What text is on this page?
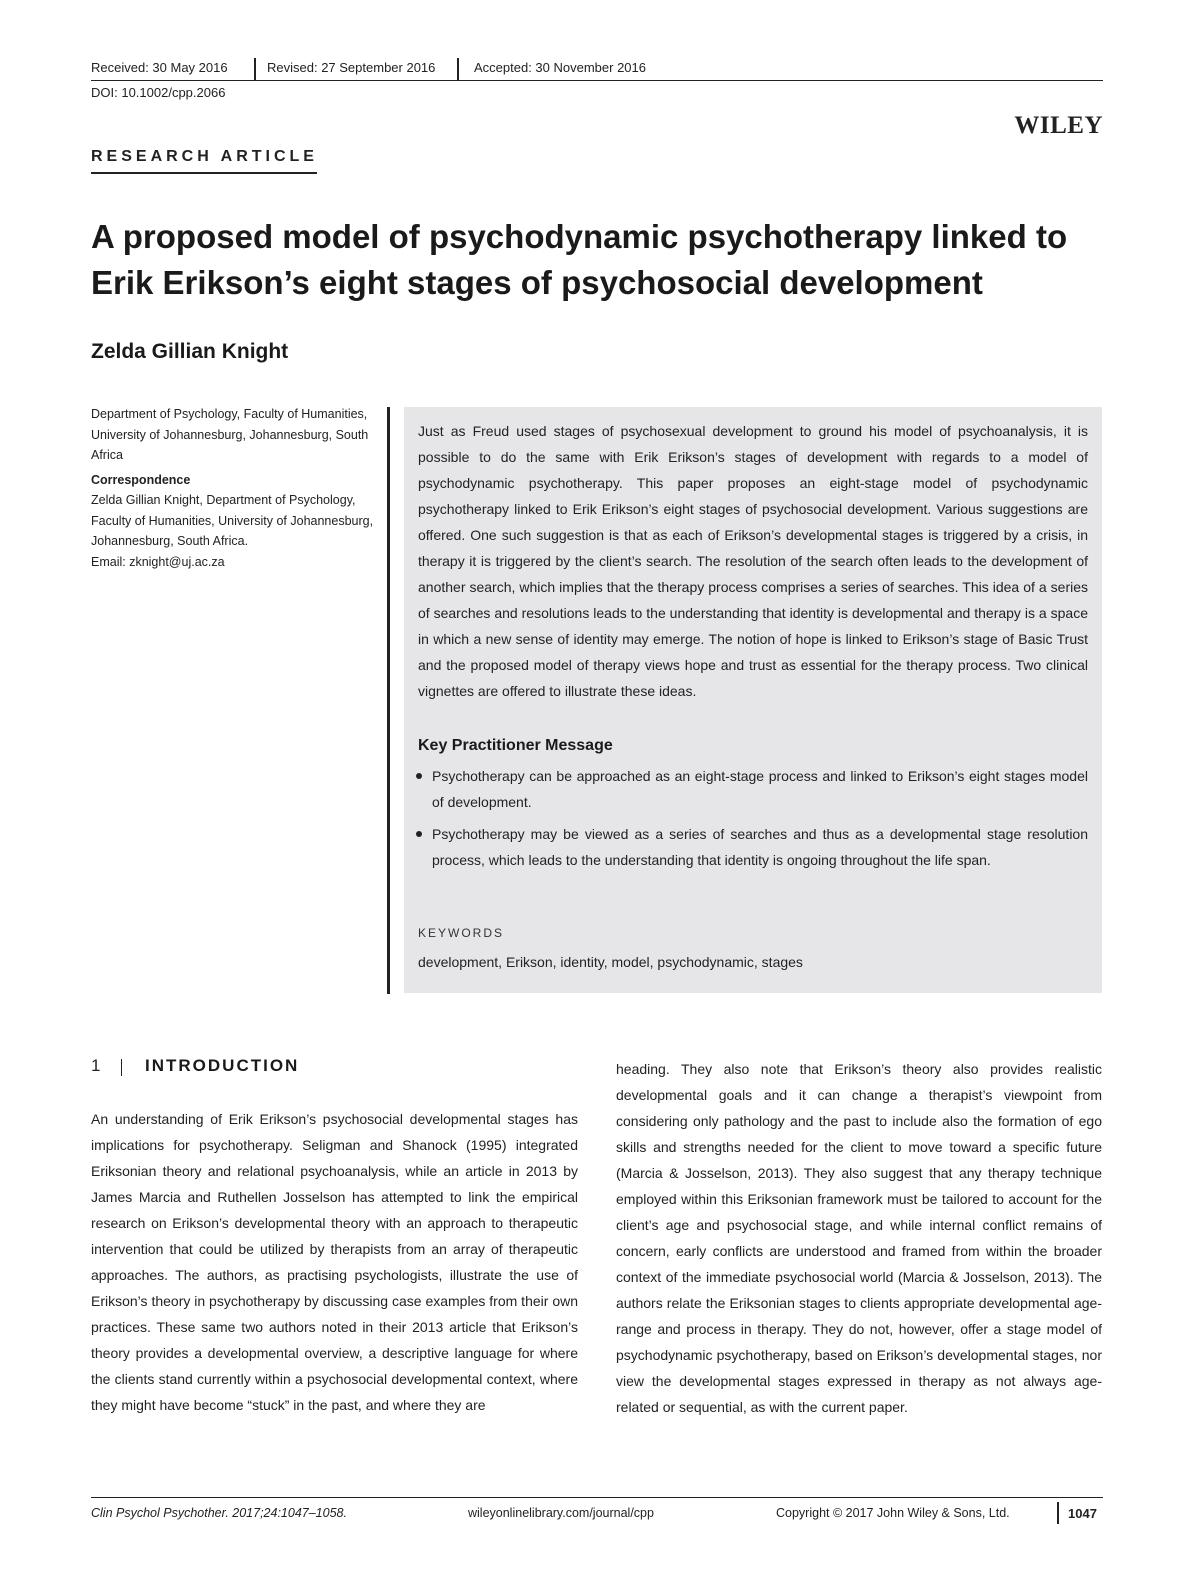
Received: 30 May 2016	Revised: 27 September 2016	Accepted: 30 November 2016
DOI: 10.1002/cpp.2066
WILEY
RESEARCH ARTICLE
A proposed model of psychodynamic psychotherapy linked to Erik Erikson’s eight stages of psychosocial development
Zelda Gillian Knight

Department of Psychology, Faculty of Humanities, University of Johannesburg, Johannesburg, South Africa

Correspondence

Zelda Gillian Knight, Department of Psychology, Faculty of Humanities, University of Johannesburg, Johannesburg, South Africa.

Email: zknight@uj.ac.za

Just as Freud used stages of psychosexual development to ground his model of psychoanalysis, it is possible to do the same with Erik Erikson’s stages of development with regards to a model of psychodynamic psychotherapy. This paper proposes an eight‐stage model of psychodynamic psychotherapy linked to Erik Erikson’s eight stages of psychosocial development. Various suggestions are offered. One such suggestion is that as each of Erikson’s developmental stages is triggered by a crisis, in therapy it is triggered by the client’s search. The resolution of the search often leads to the development of another search, which implies that the therapy process comprises a series of searches. This idea of a series of searches and resolutions leads to the understanding that identity is developmental and therapy is a space in which a new sense of identity may emerge. The notion of hope is linked to Erikson’s stage of Basic Trust and the proposed model of therapy views hope and trust as essential for the therapy process. Two clinical vignettes are offered to illustrate these ideas.
Key Practitioner Message
Psychotherapy can be approached as an eight‐stage process and linked to Erikson’s eight stages model of development.
Psychotherapy may be viewed as a series of searches and thus as a developmental stage resolution process, which leads to the understanding that identity is ongoing throughout the life span.
KEYWORDS
development, Erikson, identity, model, psychodynamic, stages
1	INTRODUCTION
An understanding of Erik Erikson’s psychosocial developmental stages has implications for psychotherapy. Seligman and Shanock (1995) integrated Eriksonian theory and relational psychoanalysis, while an article in 2013 by James Marcia and Ruthellen Josselson has attempted to link the empirical research on Erikson’s developmental theory with an approach to therapeutic intervention that could be utilized by therapists from an array of therapeutic approaches. The authors, as practising psychologists, illustrate the use of Erikson’s theory in psychotherapy by discussing case examples from their own practices. These same two authors noted in their 2013 article that Erikson’s theory provides a developmental overview, a descriptive language for where the clients stand currently within a psychosocial developmental context, where they might have become “stuck” in the past, and where they are
heading. They also note that Erikson’s theory also provides realistic developmental goals and it can change a therapist’s viewpoint from considering only pathology and the past to include also the formation of ego skills and strengths needed for the client to move toward a specific future (Marcia & Josselson, 2013). They also suggest that any therapy technique employed within this Eriksonian framework must be tailored to account for the client’s age and psychosocial stage, and while internal conflict remains of concern, early conflicts are understood and framed from within the broader context of the immediate psychosocial world (Marcia & Josselson, 2013). The authors relate the Eriksonian stages to clients appropriate developmental age‐range and process in therapy. They do not, however, offer a stage model of psychodynamic psychotherapy, based on Erikson’s developmental stages, nor view the developmental stages expressed in therapy as not always age‐related or sequential, as with the current paper.
Clin Psychol Psychother. 2017;24:1047–1058.	wileyonlinelibrary.com/journal/cpp	Copyright © 2017 John Wiley & Sons, Ltd.	1047
